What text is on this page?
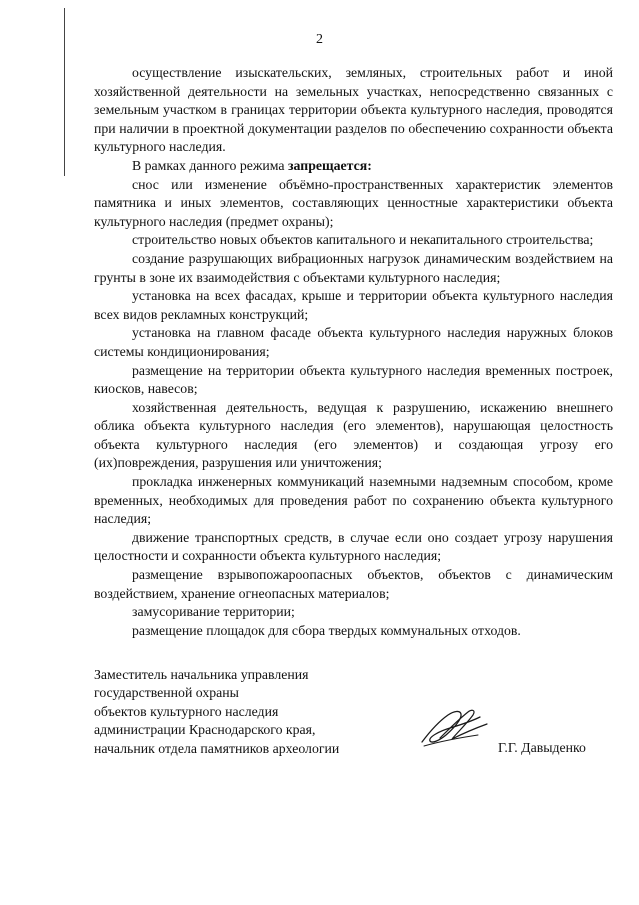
2

осуществление изыскательских, земляных, строительных работ и иной хозяйственной деятельности на земельных участках, непосредственно связанных с земельным участком в границах территории объекта культурного наследия, проводятся при наличии в проектной документации разделов по обеспечению сохранности объекта культурного наследия.

В рамках данного режима запрещается:

снос или изменение объёмно-пространственных характеристик элементов памятника и иных элементов, составляющих ценностные характеристики объекта культурного наследия (предмет охраны);

строительство новых объектов капитального и некапитального строительства;

создание разрушающих вибрационных нагрузок динамическим воздействием на грунты в зоне их взаимодействия с объектами культурного наследия;

установка на всех фасадах, крыше и территории объекта культурного наследия всех видов рекламных конструкций;

установка на главном фасаде объекта культурного наследия наружных блоков системы кондиционирования;

размещение на территории объекта культурного наследия временных построек, киосков, навесов;

хозяйственная деятельность, ведущая к разрушению, искажению внешнего облика объекта культурного наследия (его элементов), нарушающая целостность объекта культурного наследия (его элементов) и создающая угрозу его (их)повреждения, разрушения или уничтожения;

прокладка инженерных коммуникаций наземными надземным способом, кроме временных, необходимых для проведения работ по сохранению объекта культурного наследия;

движение транспортных средств, в случае если оно создает угрозу нарушения целостности и сохранности объекта культурного наследия;

размещение взрывопожароопасных объектов, объектов с динамическим воздействием, хранение огнеопасных материалов;

замусоривание территории;

размещение площадок для сбора твердых коммунальных отходов.

Заместитель начальника управления
государственной охраны
объектов культурного наследия
администрации Краснодарского края,
начальник отдела памятников археологии	Г.Г. Давыденко
